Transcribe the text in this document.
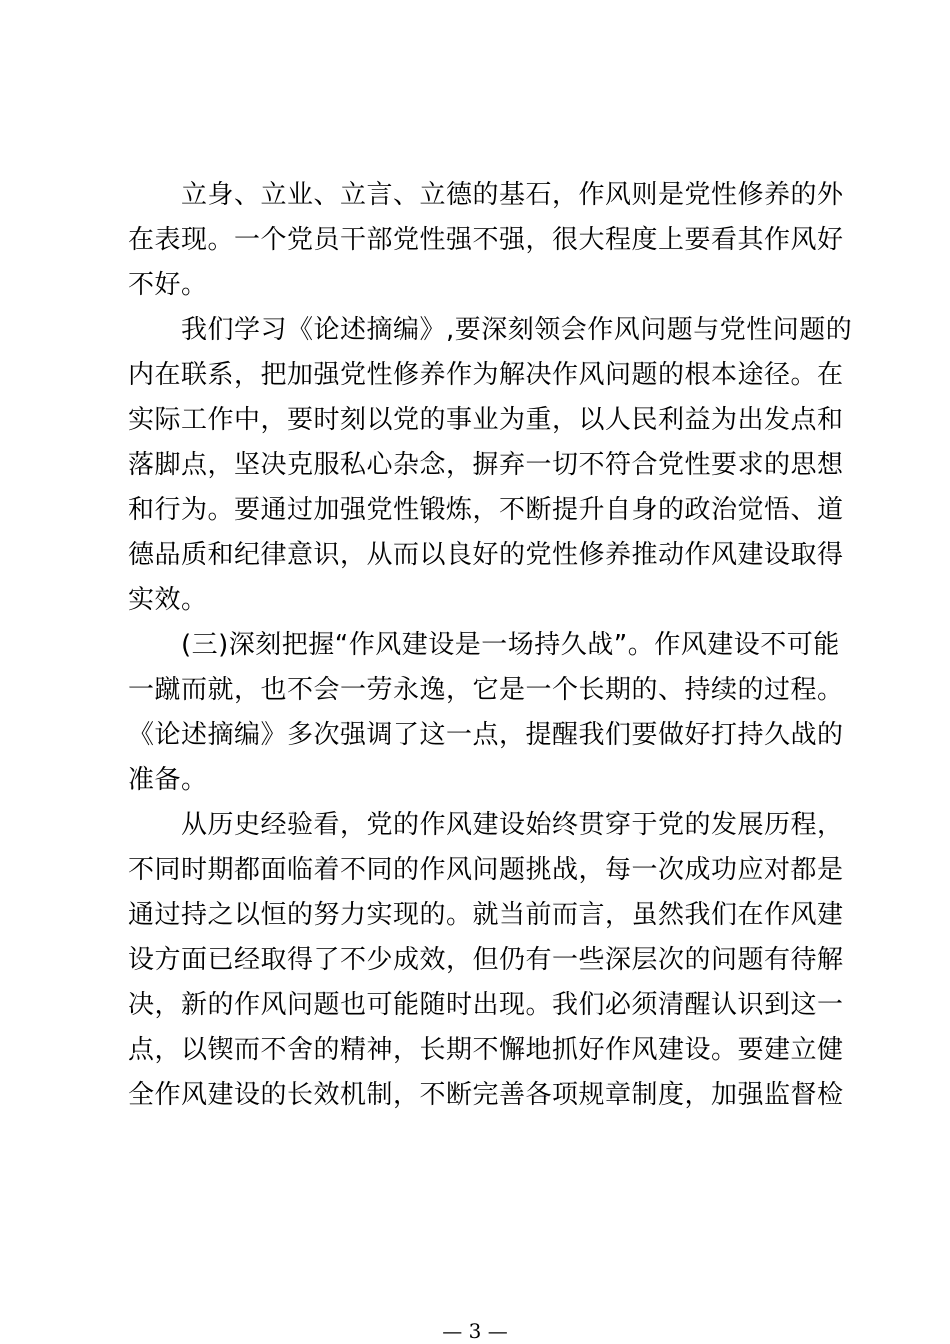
　　立身、立业、立言、立德的基石，作风则是党性修养的外
在表现。一个党员干部党性强不强，很大程度上要看其作风好
不好。
　　我们学习《论述摘编》,要深刻领会作风问题与党性问题的
内在联系，把加强党性修养作为解决作风问题的根本途径。在
实际工作中，要时刻以党的事业为重，以人民利益为出发点和
落脚点，坚决克服私心杂念，摒弃一切不符合党性要求的思想
和行为。要通过加强党性锻炼，不断提升自身的政治觉悟、道
德品质和纪律意识，从而以良好的党性修养推动作风建设取得
实效。
　　(三)深刻把握“作风建设是一场持久战”。作风建设不可能
一蹴而就，也不会一劳永逸，它是一个长期的、持续的过程。
《论述摘编》多次强调了这一点，提醒我们要做好打持久战的
准备。
　　从历史经验看，党的作风建设始终贯穿于党的发展历程，
不同时期都面临着不同的作风问题挑战，每一次成功应对都是
通过持之以恒的努力实现的。就当前而言，虽然我们在作风建
设方面已经取得了不少成效，但仍有一些深层次的问题有待解
决，新的作风问题也可能随时出现。我们必须清醒认识到这一
点，以锲而不舍的精神，长期不懈地抓好作风建设。要建立健
全作风建设的长效机制，不断完善各项规章制度，加强监督检
— 3 —
